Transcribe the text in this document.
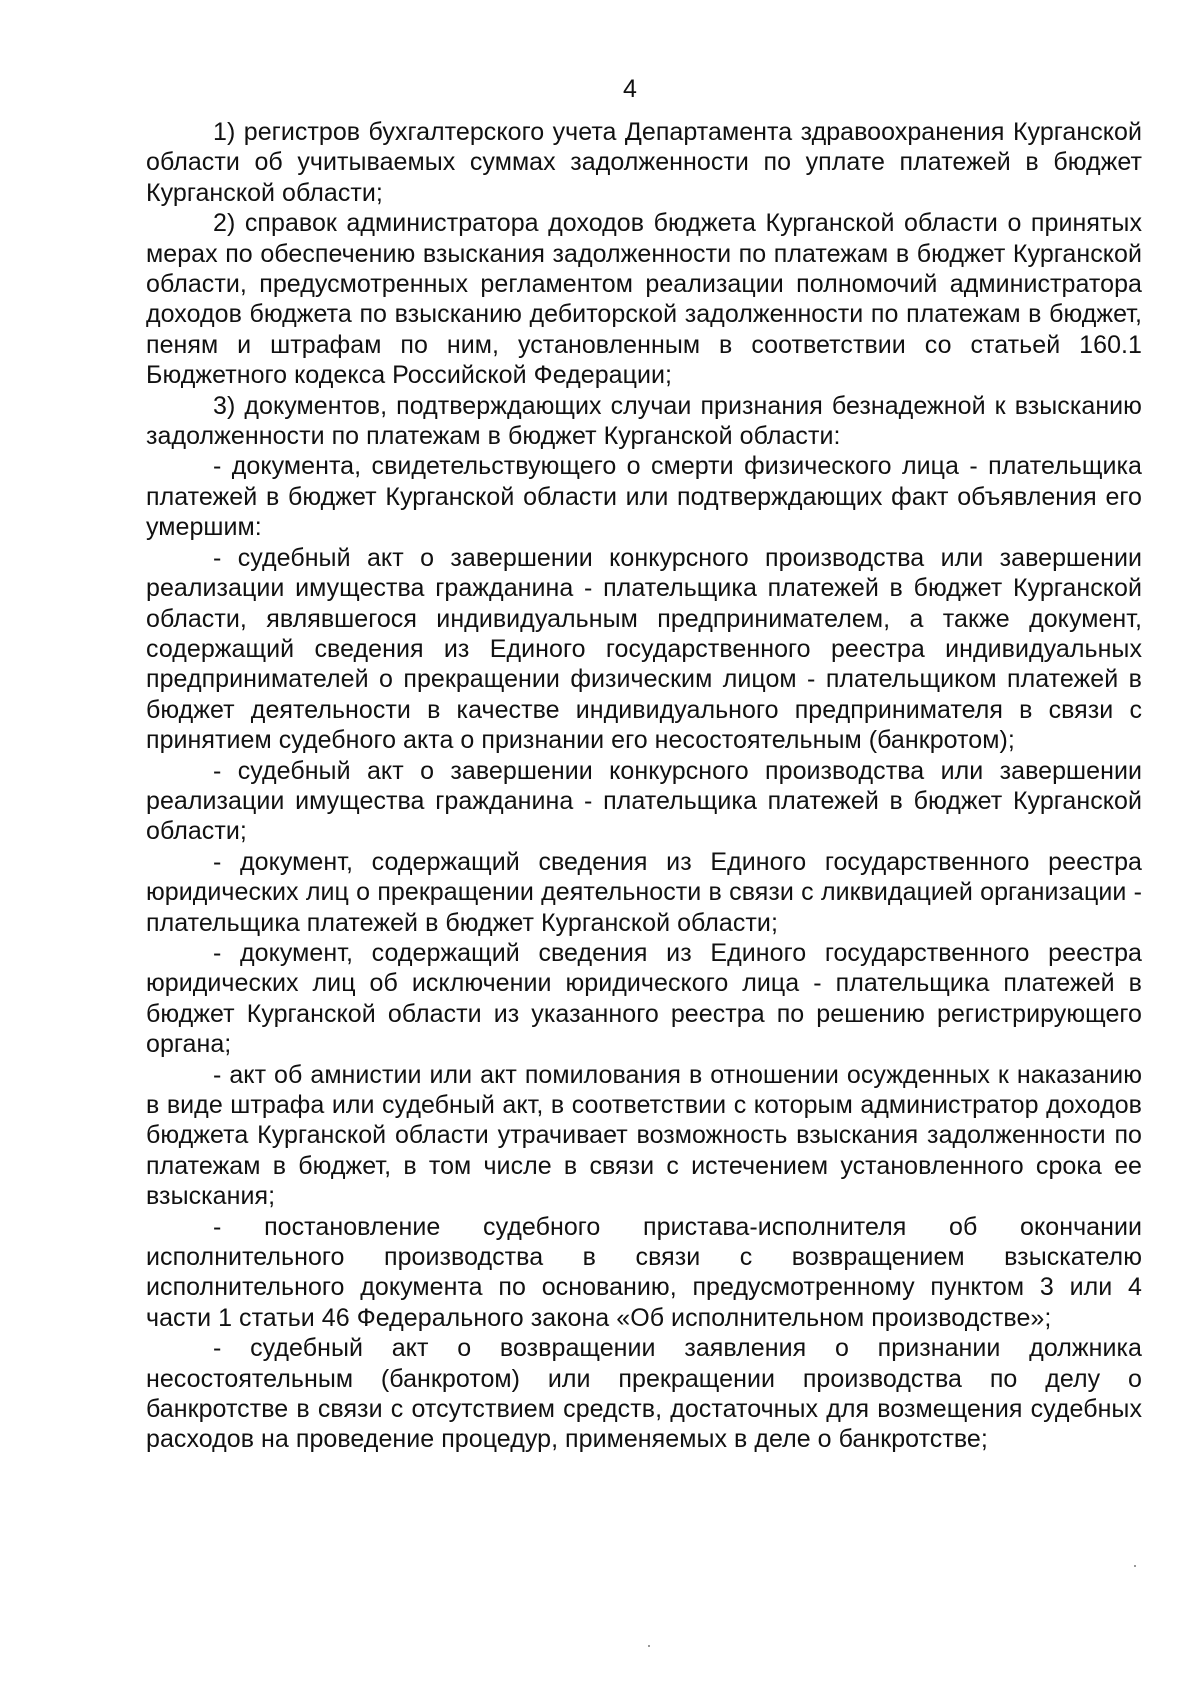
4

1) регистров бухгалтерского учета Департамента здравоохранения Курганской области об учитываемых суммах задолженности по уплате платежей в бюджет Курганской области;

2) справок администратора доходов бюджета Курганской области о принятых мерах по обеспечению взыскания задолженности по платежам в бюджет Курганской области, предусмотренных регламентом реализации полномочий администратора доходов бюджета по взысканию дебиторской задолженности по платежам в бюджет, пеням и штрафам по ним, установленным в соответствии со статьей 160.1 Бюджетного кодекса Российской Федерации;

3) документов, подтверждающих случаи признания безнадежной к взысканию задолженности по платежам в бюджет Курганской области:

- документа, свидетельствующего о смерти физического лица - плательщика платежей в бюджет Курганской области или подтверждающих факт объявления его умершим:

- судебный акт о завершении конкурсного производства или завершении реализации имущества гражданина - плательщика платежей в бюджет Курганской области, являвшегося индивидуальным предпринимателем, а также документ, содержащий сведения из Единого государственного реестра индивидуальных предпринимателей о прекращении физическим лицом - плательщиком платежей в бюджет деятельности в качестве индивидуального предпринимателя в связи с принятием судебного акта о признании его несостоятельным (банкротом);

- судебный акт о завершении конкурсного производства или завершении реализации имущества гражданина - плательщика платежей в бюджет Курганской области;

- документ, содержащий сведения из Единого государственного реестра юридических лиц о прекращении деятельности в связи с ликвидацией организации - плательщика платежей в бюджет Курганской области;

- документ, содержащий сведения из Единого государственного реестра юридических лиц об исключении юридического лица - плательщика платежей в бюджет Курганской области из указанного реестра по решению регистрирующего органа;

- акт об амнистии или акт помилования в отношении осужденных к наказанию в виде штрафа или судебный акт, в соответствии с которым администратор доходов бюджета Курганской области утрачивает возможность взыскания задолженности по платежам в бюджет, в том числе в связи с истечением установленного срока ее взыскания;

- постановление судебного пристава-исполнителя об окончании исполнительного производства в связи с возвращением взыскателю исполнительного документа по основанию, предусмотренному пунктом 3 или 4 части 1 статьи 46 Федерального закона «Об исполнительном производстве»;

- судебный акт о возвращении заявления о признании должника несостоятельным (банкротом) или прекращении производства по делу о банкротстве в связи с отсутствием средств, достаточных для возмещения судебных расходов на проведение процедур, применяемых в деле о банкротстве;
